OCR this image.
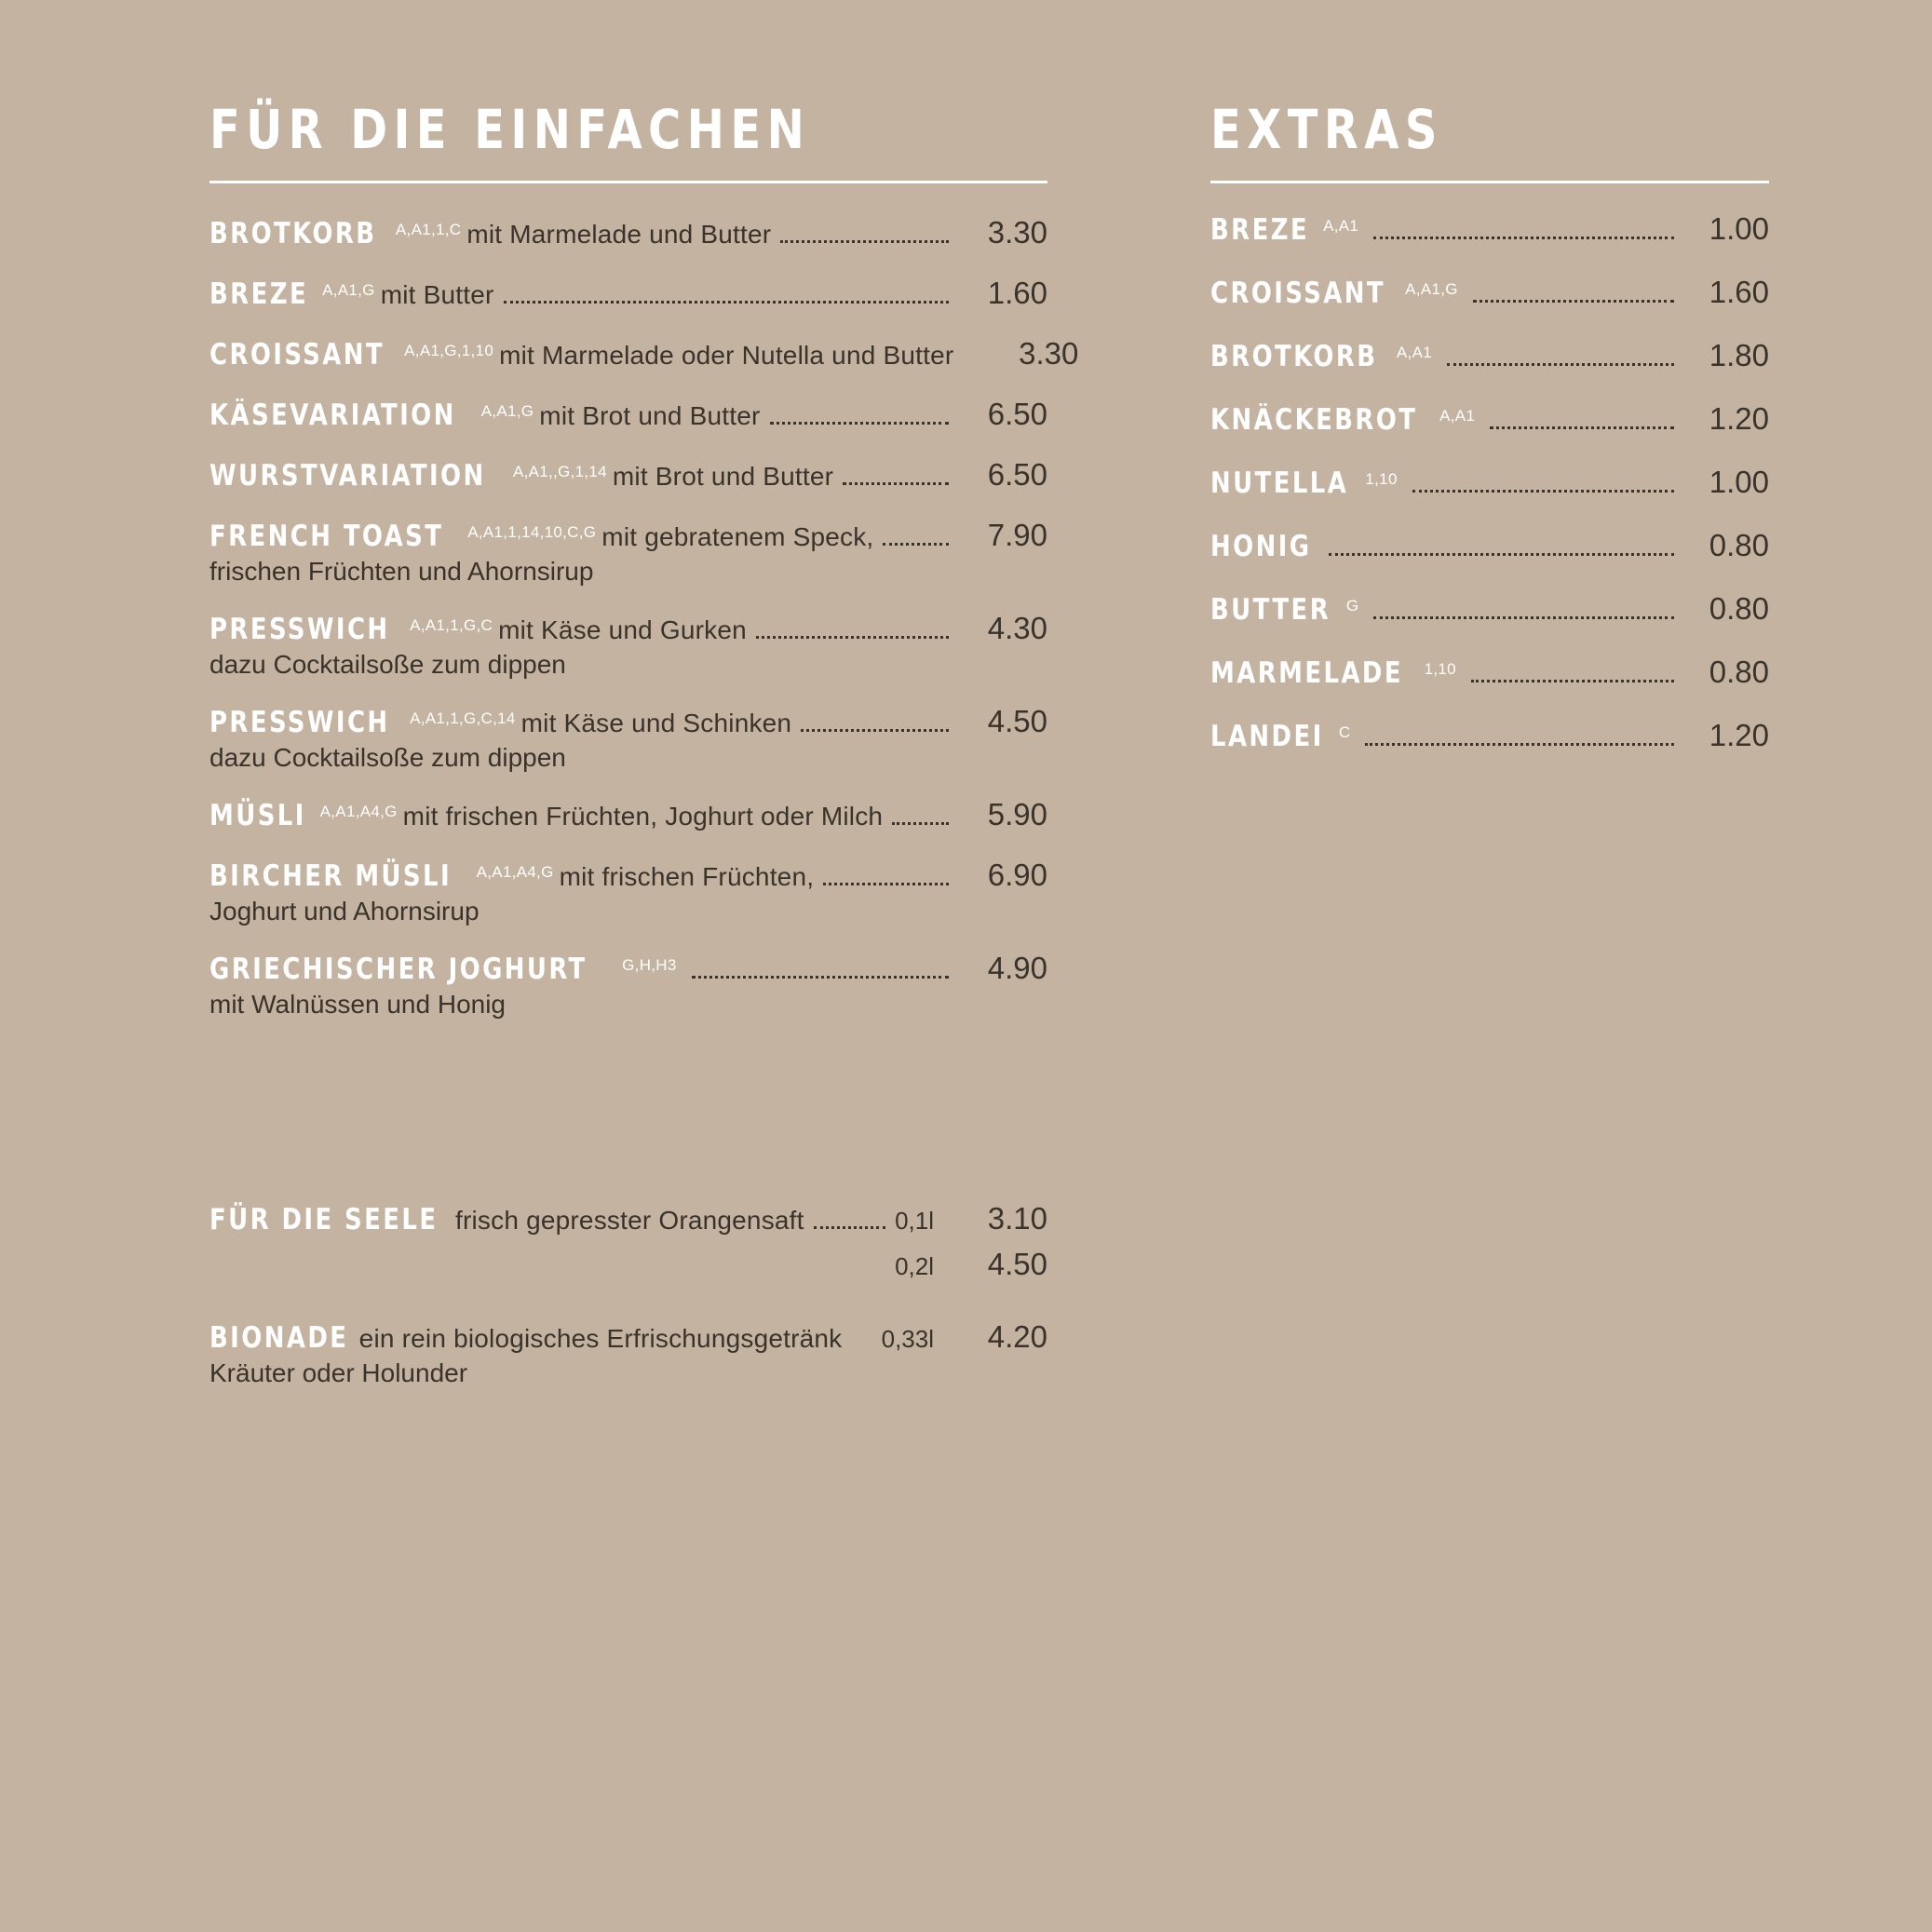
FÜR DIE EINFACHEN
BROTKORB A,A1,1,C mit Marmelade und Butter	3.30
BREZE A,A1,G mit Butter	1.60
CROISSANT A,A1,G,1,10 mit Marmelade oder Nutella und Butter	3.30
KÄSEVARIATION A,A1,G mit Brot und Butter	6.50
WURSTVARIATION A,A1,,G,1,14 mit Brot und Butter	6.50
FRENCH TOAST A,A1,1,14,10,C,G mit gebratenem Speck,	7.90
frischen Früchten und Ahornsirup
PRESSWICH A,A1,1,G,C mit Käse und Gurken	4.30
dazu Cocktailsoße zum dippen
PRESSWICH A,A1,1,G,C,14 mit Käse und Schinken	4.50
dazu Cocktailsoße zum dippen
MÜSLI A,A1,A4,G mit frischen Früchten, Joghurt oder Milch	5.90
BIRCHER MÜSLI A,A1,A4,G mit frischen Früchten,	6.90
Joghurt und Ahornsirup
GRIECHISCHER JOGHURT G,H,H3	4.90
mit Walnüssen und Honig
FÜR DIE SEELE frisch gepresster Orangensaft	0,1l	3.10
0,2l	4.50
BIONADE ein rein biologisches Erfrischungsgetränk 0,33l	4.20
Kräuter oder Holunder
EXTRAS
BREZE A,A1	1.00
CROISSANT A,A1,G	1.60
BROTKORB A,A1	1.80
KNÄCKEBROT A,A1	1.20
NUTELLA 1,10	1.00
HONIG	0.80
BUTTER G	0.80
MARMELADE 1,10	0.80
LANDEI C	1.20
